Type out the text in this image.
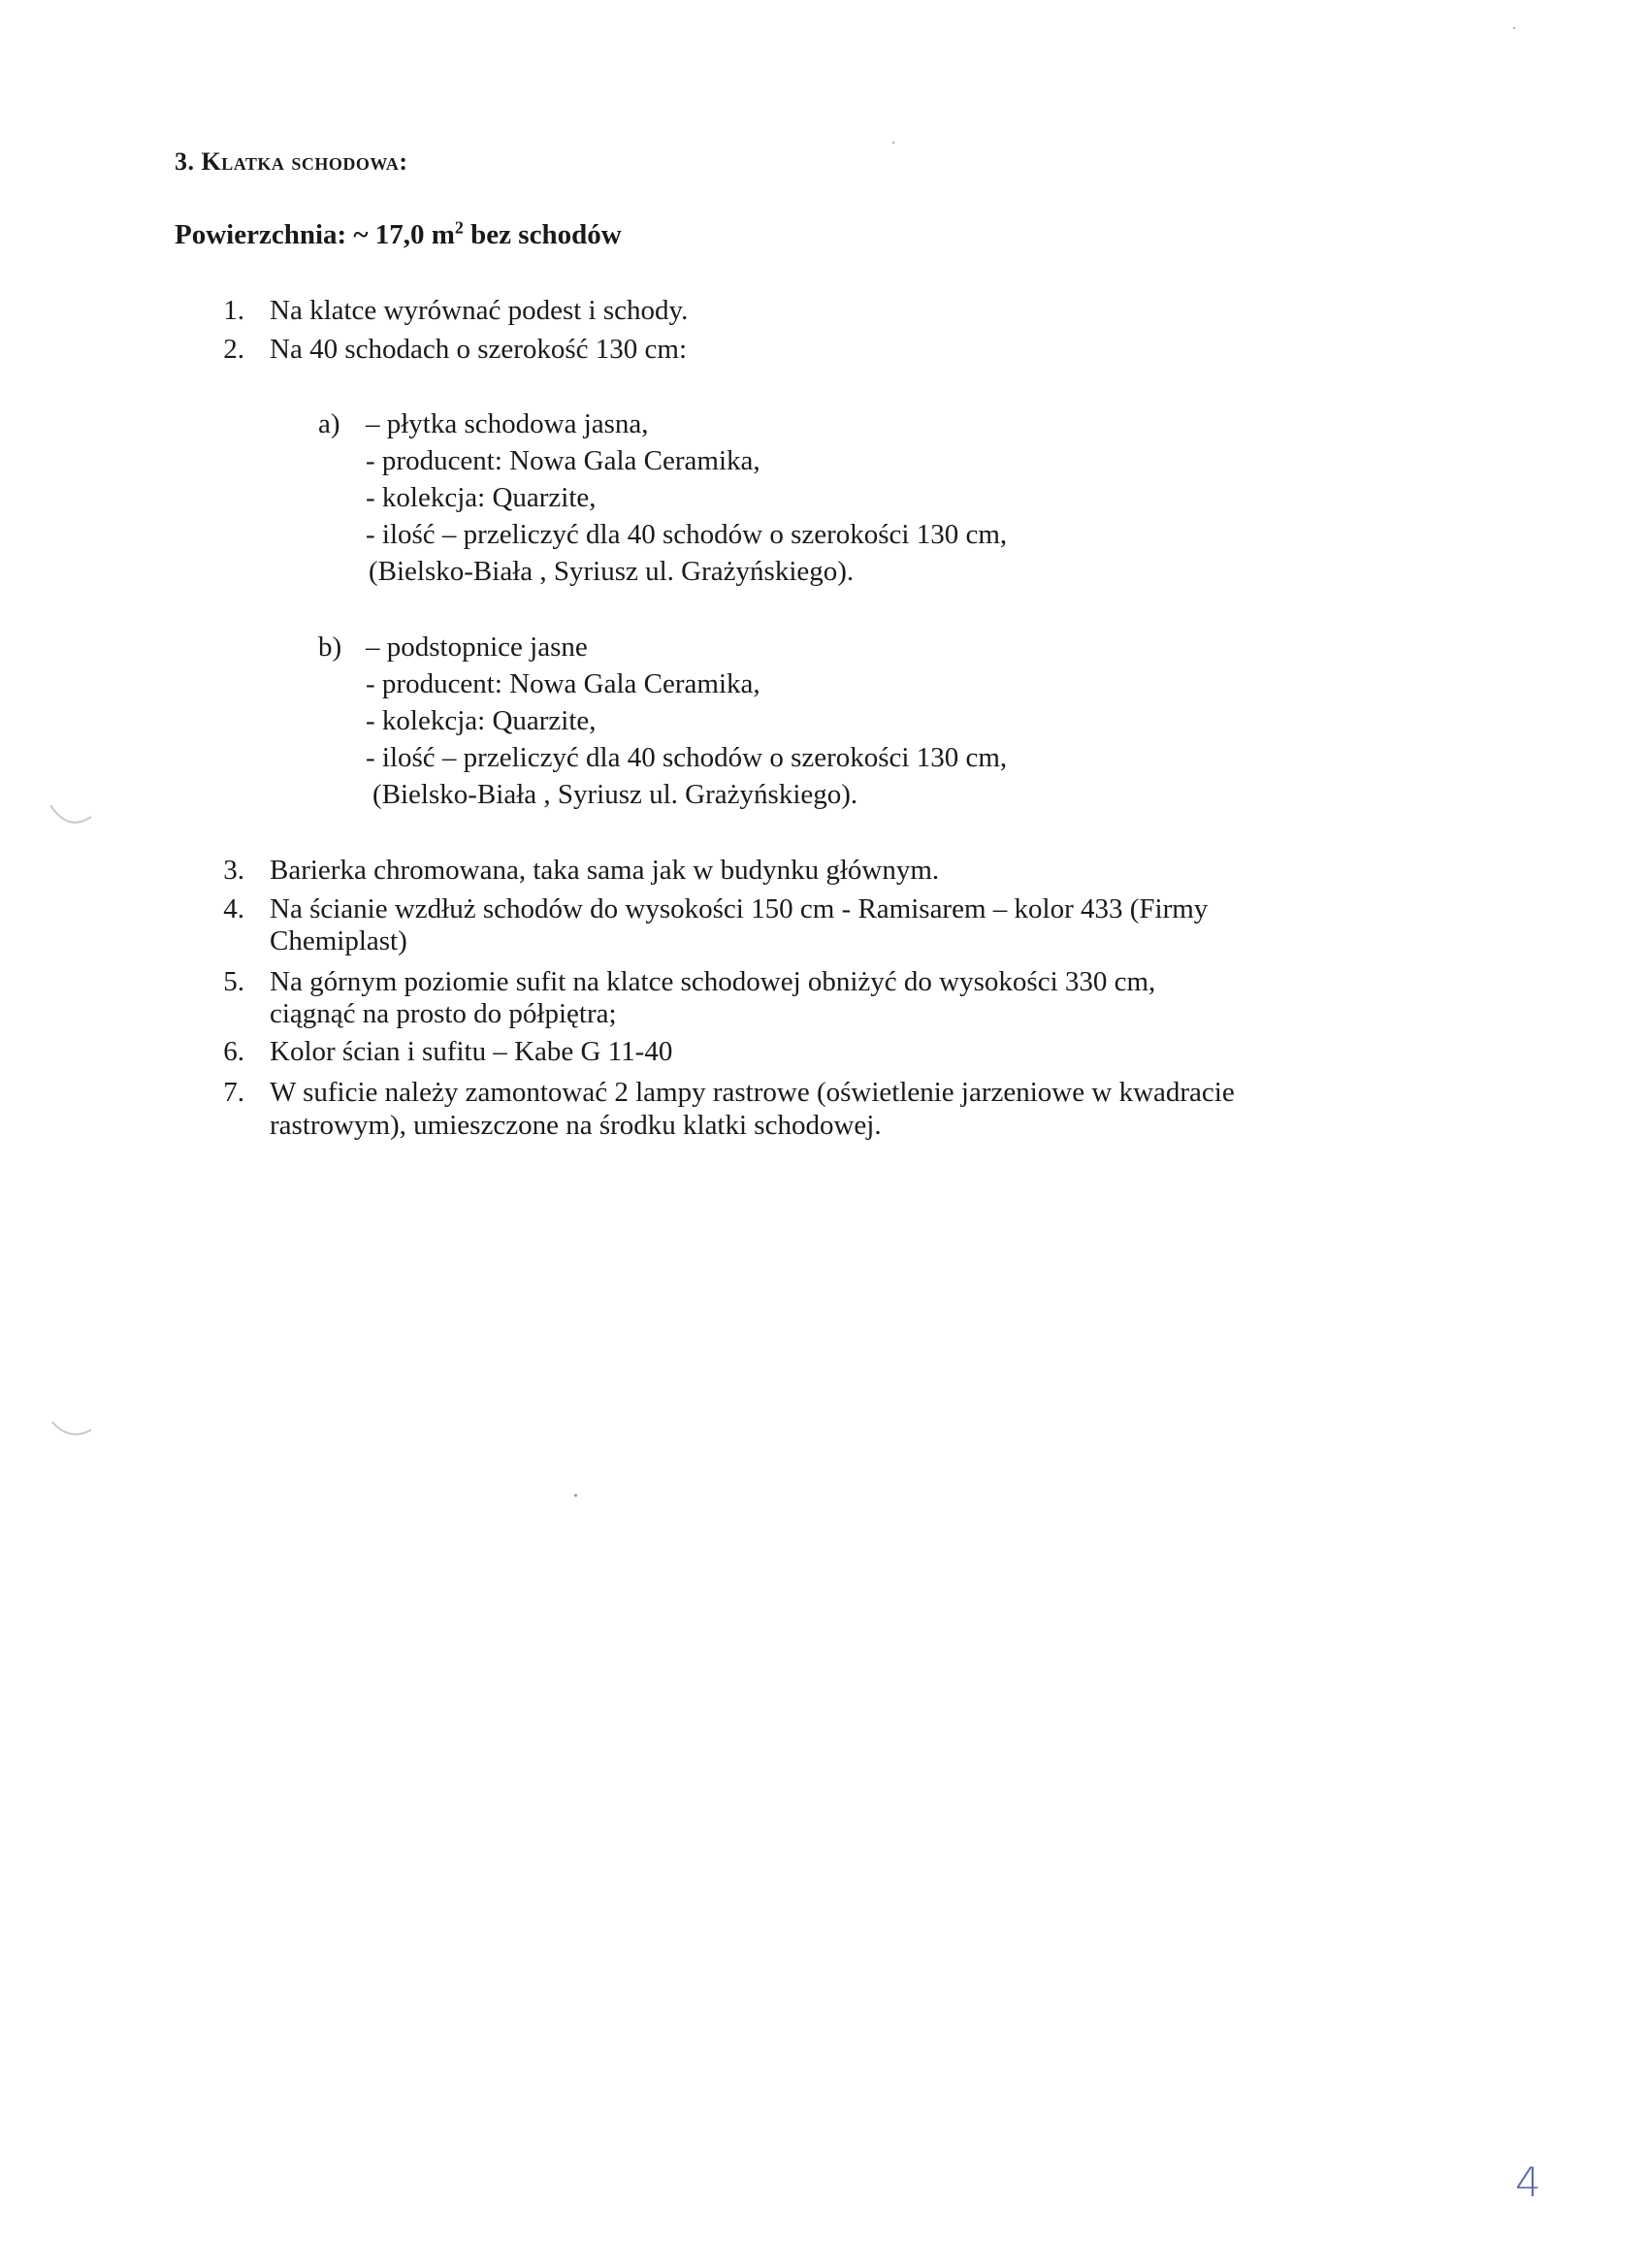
3. Klatka schodowa:
Powierzchnia: ~ 17,0 $m^2$ bez schodów
1. Na klatce wyrównać podest i schody.
2. Na 40 schodach o szerokość 130 cm:
a) – płytka schodowa jasna,
- producent: Nowa Gala Ceramika,
- kolekcja: Quarzite,
- ilość – przeliczyć dla 40 schodów o szerokości 130 cm,
(Bielsko-Biała , Syriusz ul. Grażyńskiego).
b) – podstopnice jasne
- producent: Nowa Gala Ceramika,
- kolekcja: Quarzite,
- ilość – przeliczyć dla 40 schodów o szerokości 130 cm,
(Bielsko-Biała , Syriusz ul. Grażyńskiego).
3. Barierka chromowana, taka sama jak w budynku głównym.
4. Na ścianie wzdłuż schodów do wysokości 150 cm - Ramisarem – kolor 433 (Firmy
Chemiplast)
5. Na górnym poziomie sufit na klatce schodowej obniżyć do wysokości 330 cm,
ciągnąć na prosto do półpiętra;
6. Kolor ścian i sufitu – Kabe G 11-40
7. W suficie należy zamontować 2 lampy rastrowe (oświetlenie jarzeniowe w kwadracie
rastrowym), umieszczone na środku klatki schodowej.
4
